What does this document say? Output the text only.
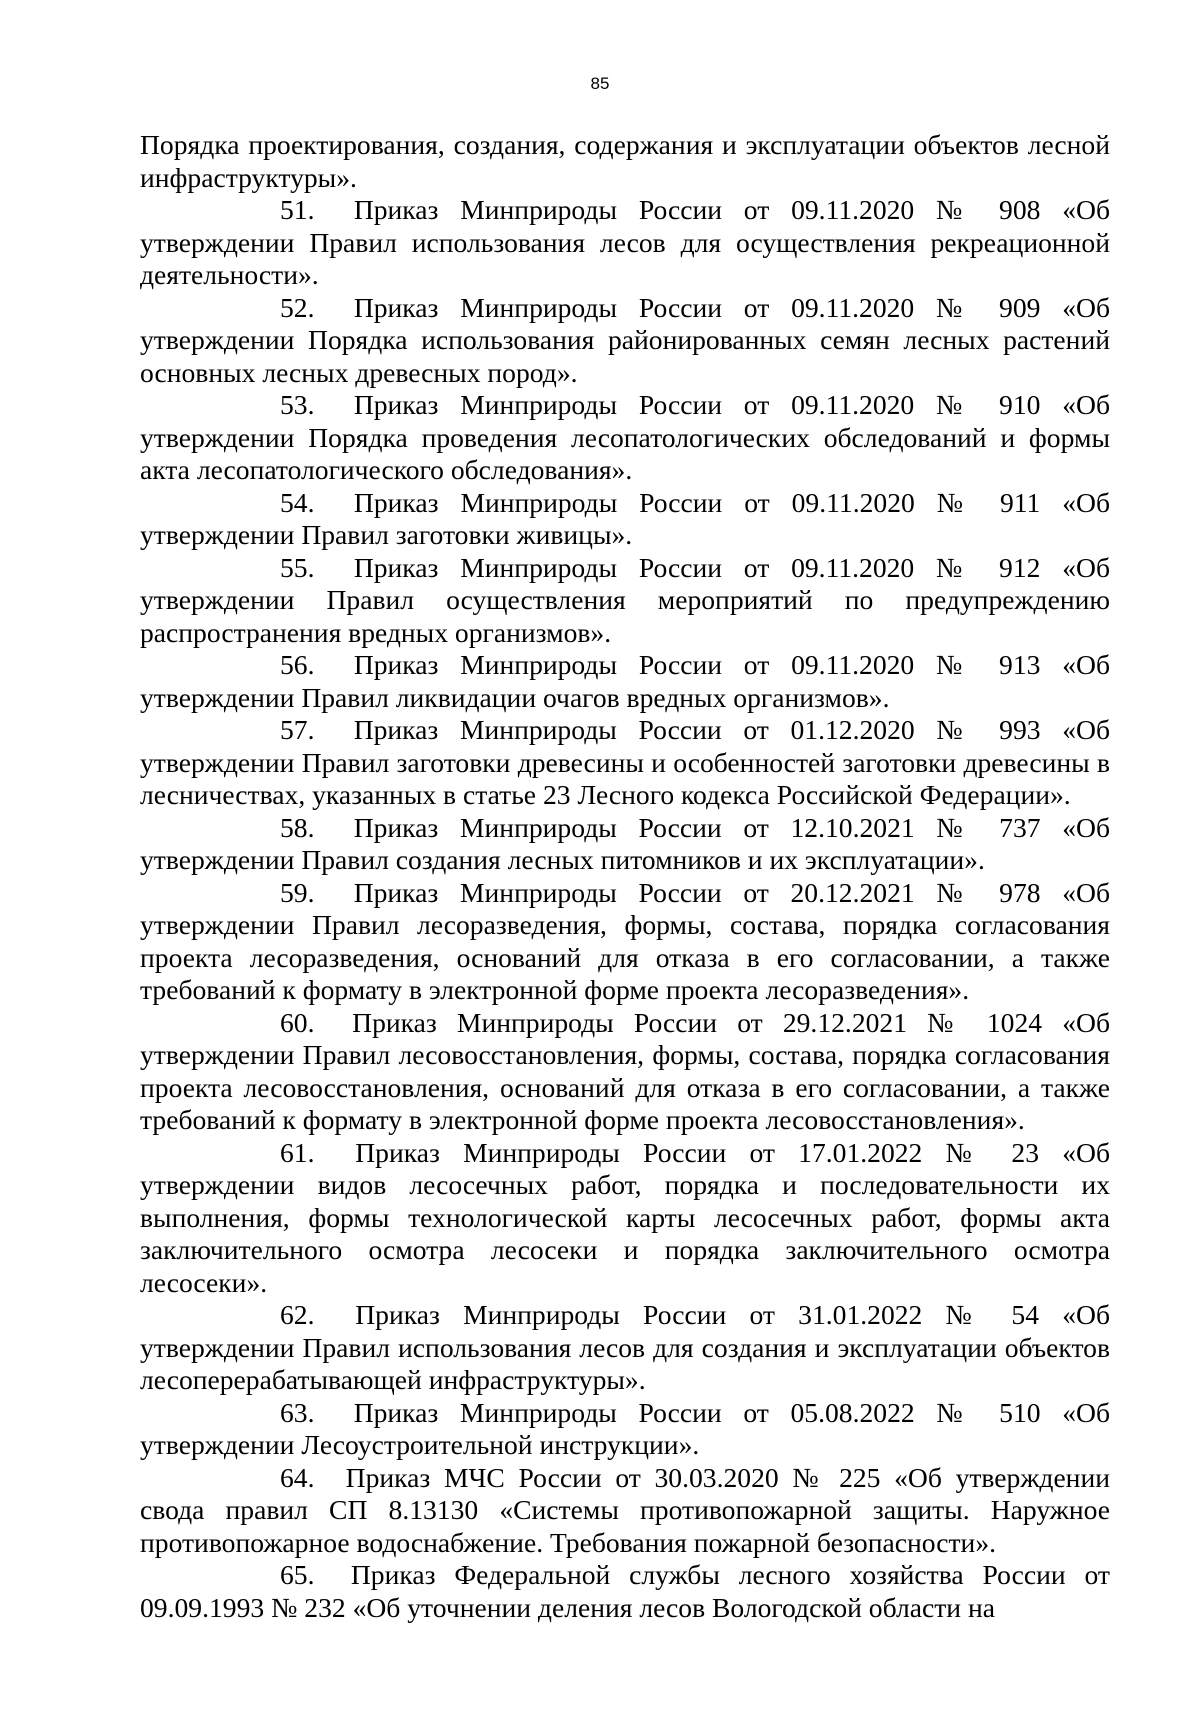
85

Порядка проектирования, создания, содержания и эксплуатации объектов лесной инфраструктуры».

51. Приказ Минприроды России от 09.11.2020 № 908 «Об утверждении Правил использования лесов для осуществления рекреационной деятельности».

52. Приказ Минприроды России от 09.11.2020 № 909 «Об утверждении Порядка использования районированных семян лесных растений основных лесных древесных пород».

53. Приказ Минприроды России от 09.11.2020 № 910 «Об утверждении Порядка проведения лесопатологических обследований и формы акта лесопатологического обследования».

54. Приказ Минприроды России от 09.11.2020 № 911 «Об утверждении Правил заготовки живицы».

55. Приказ Минприроды России от 09.11.2020 № 912 «Об утверждении Правил осуществления мероприятий по предупреждению распространения вредных организмов».

56. Приказ Минприроды России от 09.11.2020 № 913 «Об утверждении Правил ликвидации очагов вредных организмов».

57. Приказ Минприроды России от 01.12.2020 № 993 «Об утверждении Правил заготовки древесины и особенностей заготовки древесины в лесничествах, указанных в статье 23 Лесного кодекса Российской Федерации».

58. Приказ Минприроды России от 12.10.2021 № 737 «Об утверждении Правил создания лесных питомников и их эксплуатации».

59. Приказ Минприроды России от 20.12.2021 № 978 «Об утверждении Правил лесоразведения, формы, состава, порядка согласования проекта лесоразведения, оснований для отказа в его согласовании, а также требований к формату в электронной форме проекта лесоразведения».

60. Приказ Минприроды России от 29.12.2021 № 1024 «Об утверждении Правил лесовосстановления, формы, состава, порядка согласования проекта лесовосстановления, оснований для отказа в его согласовании, а также требований к формату в электронной форме проекта лесовосстановления».

61. Приказ Минприроды России от 17.01.2022 № 23 «Об утверждении видов лесосечных работ, порядка и последовательности их выполнения, формы технологической карты лесосечных работ, формы акта заключительного осмотра лесосеки и порядка заключительного осмотра лесосеки».

62. Приказ Минприроды России от 31.01.2022 № 54 «Об утверждении Правил использования лесов для создания и эксплуатации объектов лесоперерабатывающей инфраструктуры».

63. Приказ Минприроды России от 05.08.2022 № 510 «Об утверждении Лесоустроительной инструкции».

64. Приказ МЧС России от 30.03.2020 № 225 «Об утверждении свода правил СП 8.13130 «Системы противопожарной защиты. Наружное противопожарное водоснабжение. Требования пожарной безопасности».

65. Приказ Федеральной службы лесного хозяйства России от 09.09.1993 № 232 «Об уточнении деления лесов Вологодской области на
